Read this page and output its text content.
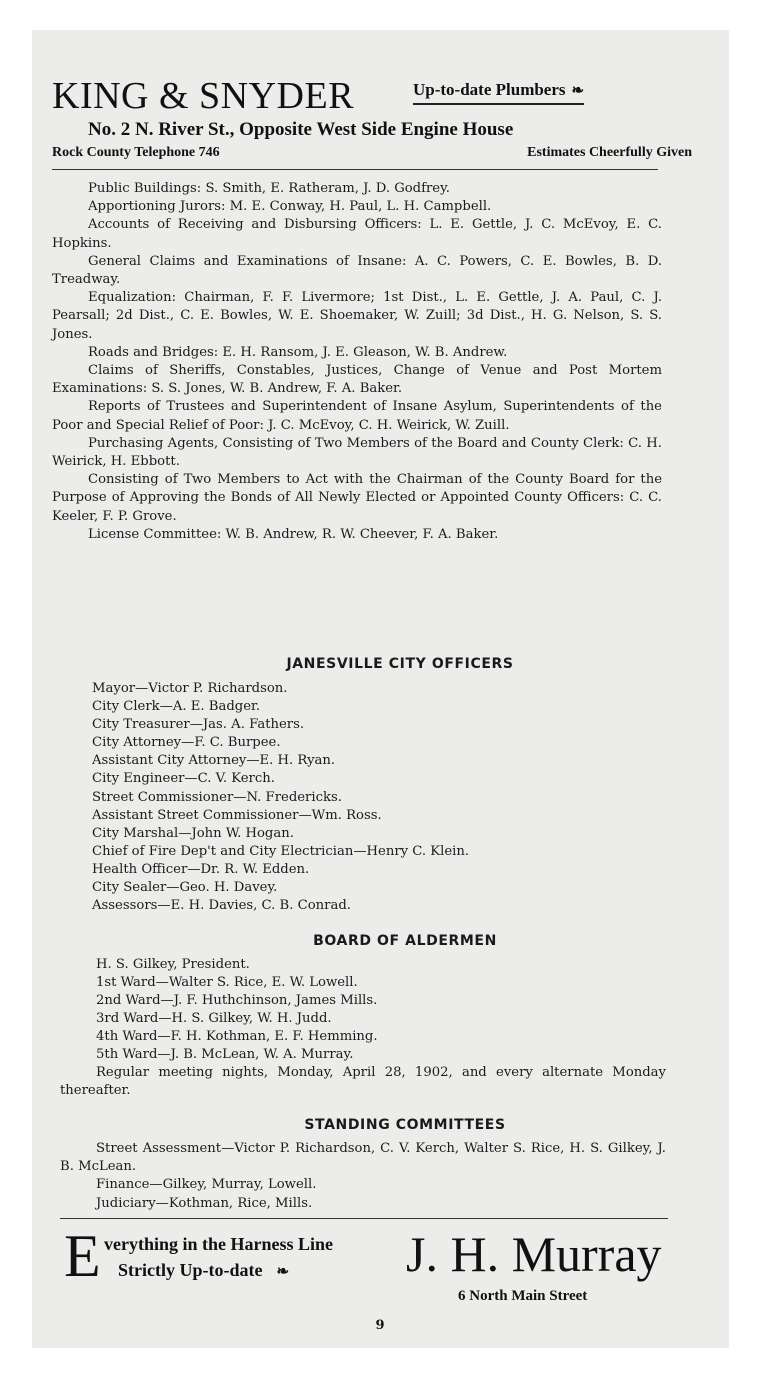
KING & SNYDER	Up-to-date Plumbers ❧
No. 2 N. River St., Opposite West Side Engine House
Rock County Telephone 746	Estimates Cheerfully Given

Public Buildings: S. Smith, E. Ratheram, J. D. Godfrey.

Apportioning Jurors: M. E. Conway, H. Paul, L. H. Campbell.

Accounts of Receiving and Disbursing Officers: L. E. Gettle, J. C. McEvoy, E. C. Hopkins.

General Claims and Examinations of Insane: A. C. Powers, C. E. Bowles, B. D. Treadway.

Equalization: Chairman, F. F. Livermore; 1st Dist., L. E. Gettle, J. A. Paul, C. J. Pearsall; 2d Dist., C. E. Bowles, W. E. Shoemaker, W. Zuill; 3d Dist., H. G. Nelson, S. S. Jones.

Roads and Bridges: E. H. Ransom, J. E. Gleason, W. B. Andrew.

Claims of Sheriffs, Constables, Justices, Change of Venue and Post Mortem Examinations: S. S. Jones, W. B. Andrew, F. A. Baker.

Reports of Trustees and Superintendent of Insane Asylum, Superintendents of the Poor and Special Relief of Poor: J. C. McEvoy, C. H. Weirick, W. Zuill.

Purchasing Agents, Consisting of Two Members of the Board and County Clerk: C. H. Weirick, H. Ebbott.

Consisting of Two Members to Act with the Chairman of the County Board for the Purpose of Approving the Bonds of All Newly Elected or Appointed County Officers: C. C. Keeler, F. P. Grove.

License Committee: W. B. Andrew, R. W. Cheever, F. A. Baker.

JANESVILLE CITY OFFICERS
Mayor—Victor P. Richardson.
City Clerk—A. E. Badger.
City Treasurer—Jas. A. Fathers.
City Attorney—F. C. Burpee.
Assistant City Attorney—E. H. Ryan.
City Engineer—C. V. Kerch.
Street Commissioner—N. Fredericks.
Assistant Street Commissioner—Wm. Ross.
City Marshal—John W. Hogan.
Chief of Fire Dep't and City Electrician—Henry C. Klein.
Health Officer—Dr. R. W. Edden.
City Sealer—Geo. H. Davey.
Assessors—E. H. Davies, C. B. Conrad.
BOARD OF ALDERMEN
H. S. Gilkey, President.
1st Ward—Walter S. Rice, E. W. Lowell.
2nd Ward—J. F. Huthchinson, James Mills.
3rd Ward—H. S. Gilkey, W. H. Judd.
4th Ward—F. H. Kothman, E. F. Hemming.
5th Ward—J. B. McLean, W. A. Murray.

Regular meeting nights, Monday, April 28, 1902, and every alternate Monday thereafter.

STANDING COMMITTEES

Street Assessment—Victor P. Richardson, C. V. Kerch, Walter S. Rice, H. S. Gilkey, J. B. McLean.

Finance—Gilkey, Murray, Lowell.

Judiciary—Kothman, Rice, Mills.

E verything in the Harness Line
Strictly Up-to-date ❧ J. H. Murray
6 North Main Street
9
